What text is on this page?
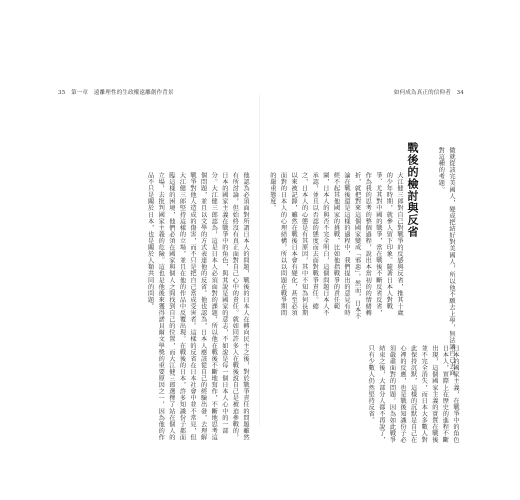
35　第一章　遠離理性的生政權遠離創作背景	如何成為真正的信仰者　34
做就從該完美國人，變成把結好對美國人，所以他不願去上學，無法讓自己去面對這種的考題。
戰後的檢討與反省
大江健三郎對自己對戰爭的反感與反省，推其十歲的少年時期，就參人留下印象。隨著日本人對戰爭、尤其對中國的戰爭，當在戰後不斷反省反省，作為我的思考的整個過程，說出本當初的的情緒轉折，就把對來這個國家變成「邪惡」。然而，日本不論在戰後還是這樣的過程中，我們提出的意見有時經不起其他國家的挑戰，比如他指戰爭的責任範圍，日本人的與否不完全明白，這個問題日本人不承認，並且以否認的態度而去面對戰爭責任。總之，日本人的心態是有其原因，其中不知為何長期以來被記錄，雖然在戰後日本會有變化，甚至必須面對的日本人的心理結構，所以以問題在戰爭期間的嚴重態度。
日本的國家主義，在戰爭中的角色日本人，實際上在歷史的進程不斷出現，這個國家主義的實質在戰後並不完全消失，而日本大多數人對此保持沉默，這樣的沉默是自己在心裡的反應，也是戰後知識份子必須嚴肅面對的問題。因為如此戰爭結束之後，大部分人都不再說了，只有少數人仍然堅持反省。
他認為必須面對所謂日本人的問題，戰後的日本人在轉向民主之後，對於戰爭責任的問題雖然有所討論，但始終沒有真正面對自己心中的責任。就如同許多人在戰後說自己是被迫參戰的，日本的國家主義在戰爭中的角色，與其說是國家的意志，不如說是每一個日本人心中的一部分。大江健三郎認為，這是日本人必須面對的課題，所以他在戰後不斷地寫作，不斷地思考這個問題，並且以文學的方式表達他的反省。他也認為，日本人應該從自己的經驗出發，去理解戰爭對他人造成的傷害，而不只是把自己當成受害者。這樣的反省在日本社會中並不常見，但大江健三郎堅持這樣的立場，並且在他的作品中反覆出現。在戰後的日本，許多知識份子都面臨這樣的困境，他們必須在國家與個人之間找到自己的位置，而大江健三郎選擇了站在個人的立場，去批判國家主義的危險。這也是他後來獲得諾貝爾文學獎的重要原因之一，因為他的作品不只是關於日本，也是關於人類共同的問題。
